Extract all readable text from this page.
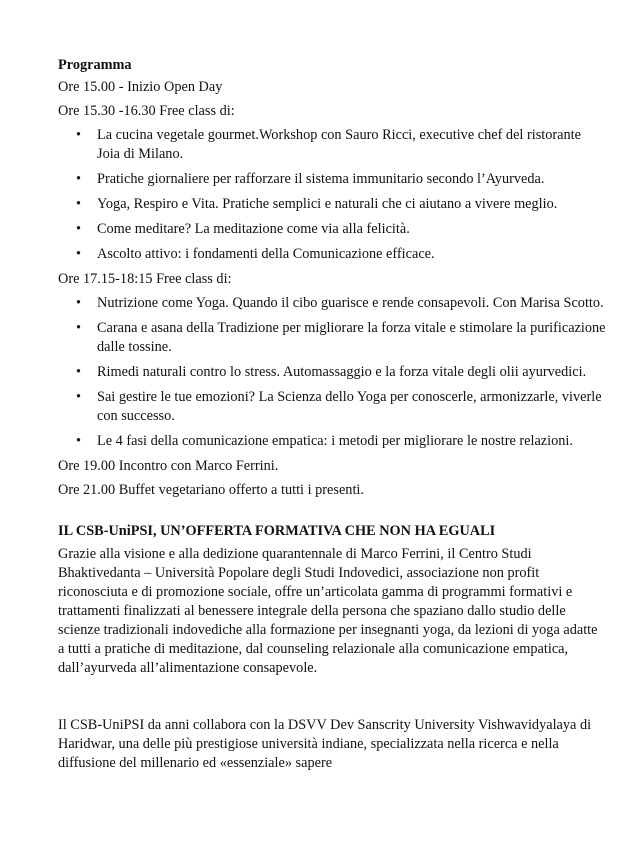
Programma
Ore 15.00 - Inizio Open Day
Ore 15.30 -16.30 Free class di:
• La cucina vegetale gourmet.Workshop con Sauro Ricci, executive chef del ristorante Joia di Milano.
• Pratiche giornaliere per rafforzare il sistema immunitario secondo l’Ayurveda.
• Yoga, Respiro e Vita. Pratiche semplici e naturali che ci aiutano a vivere meglio.
• Come meditare? La meditazione come via alla felicità.
• Ascolto attivo: i fondamenti della Comunicazione efficace.
Ore 17.15-18:15 Free class di:
• Nutrizione come Yoga. Quando il cibo guarisce e rende consapevoli. Con Marisa Scotto.
• Carana e asana della Tradizione per migliorare la forza vitale e stimolare la purificazione dalle tossine.
• Rimedi naturali contro lo stress. Automassaggio e la forza vitale degli olii ayurvedici.
• Sai gestire le tue emozioni? La Scienza dello Yoga per conoscerle, armonizzarle, viverle con successo.
• Le 4 fasi della comunicazione empatica: i metodi per migliorare le nostre relazioni.
Ore 19.00 Incontro con Marco Ferrini.
Ore 21.00 Buffet vegetariano offerto a tutti i presenti.
IL CSB-UniPSI, UN’OFFERTA FORMATIVA CHE NON HA EGUALI

Grazie alla visione e alla dedizione quarantennale di Marco Ferrini, il Centro Studi Bhaktivedanta – Università Popolare degli Studi Indovedici, associazione non profit riconosciuta e di promozione sociale, offre un’articolata gamma di programmi formativi e trattamenti finalizzati al benessere integrale della persona che spaziano dallo studio delle scienze tradizionali indovediche alla formazione per insegnanti yoga, da lezioni di yoga adatte a tutti a pratiche di meditazione, dal counseling relazionale alla comunicazione empatica, dall’ayurveda all’alimentazione consapevole.

Il CSB-UniPSI da anni collabora con la DSVV Dev Sanscrity University Vishwavidyalaya di Haridwar, una delle più prestigiose università indiane, specializzata nella ricerca e nella diffusione del millenario ed «essenziale» sapere
